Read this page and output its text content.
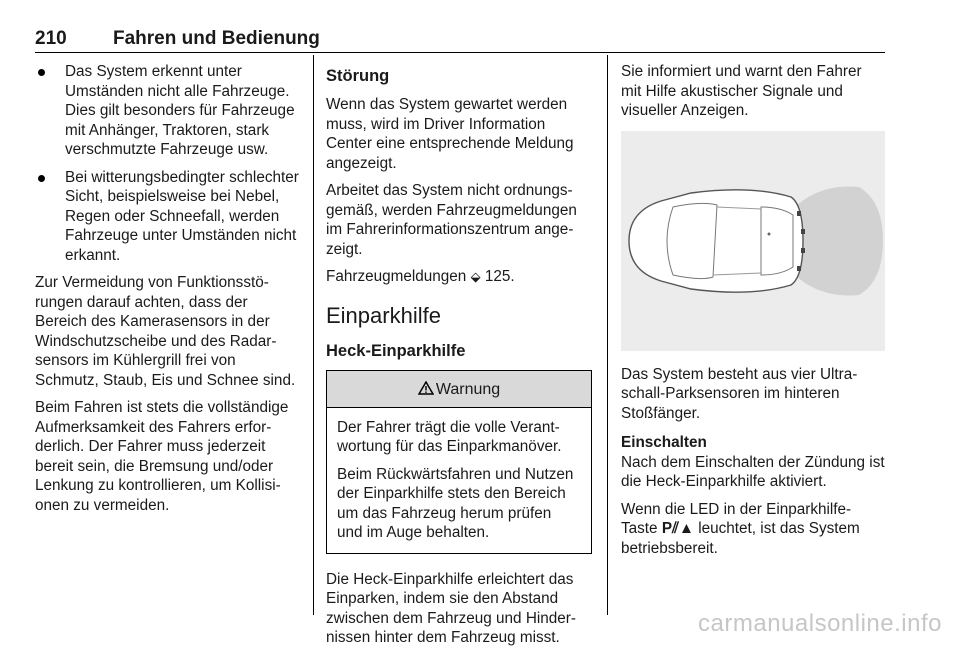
210 Fahren und Bedienung
Das System erkennt unter Umständen nicht alle Fahrzeuge. Dies gilt besonders für Fahrzeuge mit Anhänger, Traktoren, stark verschmutzte Fahrzeuge usw.
Bei witterungsbedingter schlechter Sicht, beispielsweise bei Nebel, Regen oder Schneefall, werden Fahrzeuge unter Umständen nicht erkannt.

Zur Vermeidung von Funktionsstörungen darauf achten, dass der Bereich des Kamerasensors in der Windschutzscheibe und des Radarsensors im Kühlergrill frei von Schmutz, Staub, Eis und Schnee sind.

Beim Fahren ist stets die vollständige Aufmerksamkeit des Fahrers erforderlich. Der Fahrer muss jederzeit bereit sein, die Bremsung und/oder Lenkung zu kontrollieren, um Kollisionen zu vermeiden.

Störung

Wenn das System gewartet werden muss, wird im Driver Information Center eine entsprechende Meldung angezeigt.

Arbeitet das System nicht ordnungsgemäß, werden Fahrzeugmeldungen im Fahrerinformationszentrum angezeigt.

Fahrzeugmeldungen ⬙ 125.

Einparkhilfe
Heck-Einparkhilfe
Warnung

Der Fahrer trägt die volle Verantwortung für das Einparkmanöver.

Beim Rückwärtsfahren und Nutzen der Einparkhilfe stets den Bereich um das Fahrzeug herum prüfen und im Auge behalten.

Die Heck-Einparkhilfe erleichtert das Einparken, indem sie den Abstand zwischen dem Fahrzeug und Hindernissen hinter dem Fahrzeug misst.

Sie informiert und warnt den Fahrer mit Hilfe akustischer Signale und visueller Anzeigen.

Das System besteht aus vier Ultraschall-Parksensoren im hinteren Stoßfänger.

Einschalten

Nach dem Einschalten der Zündung ist die Heck-Einparkhilfe aktiviert.

Wenn die LED in der Einparkhilfe-Taste P⫽▲ leuchtet, ist das System betriebsbereit.

carmanualsonline.info
